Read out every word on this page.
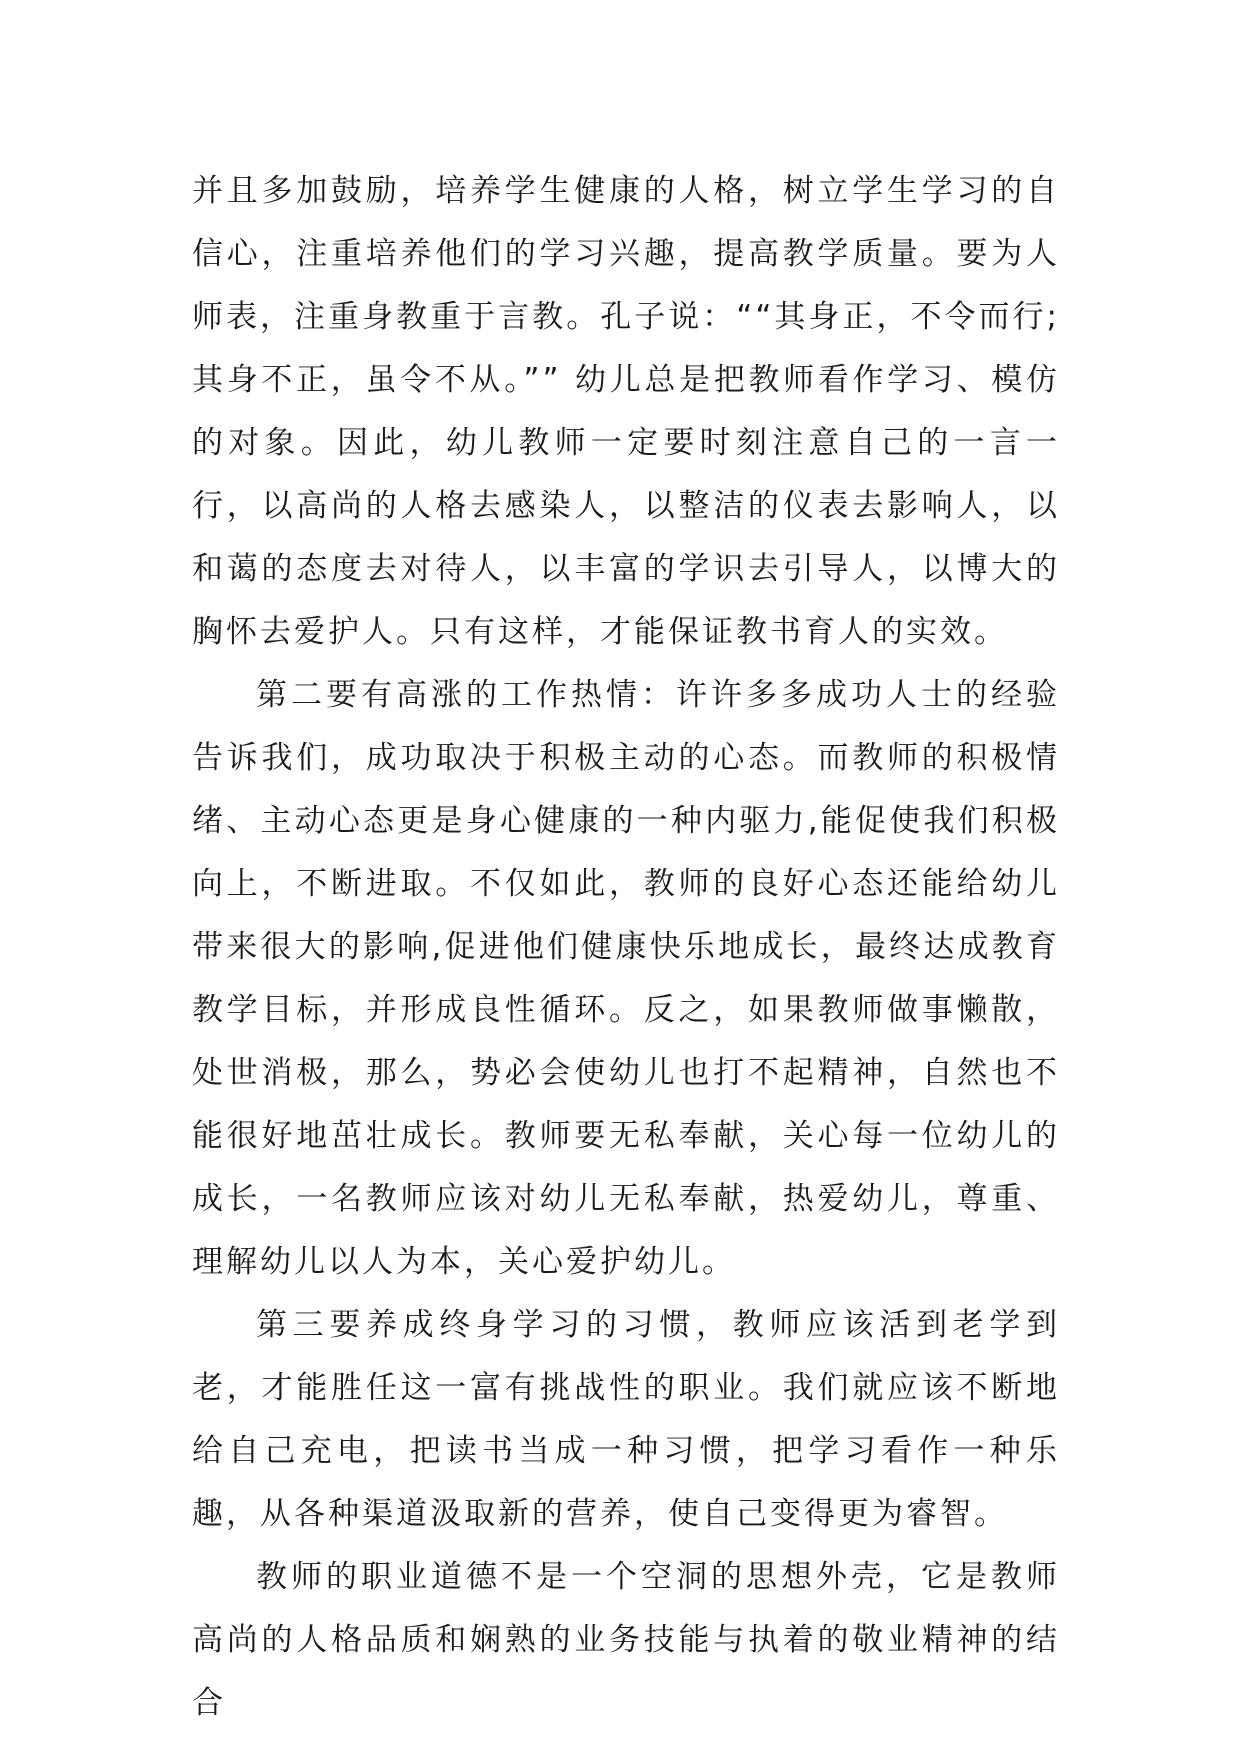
并且多加鼓励，培养学生健康的人格，树立学生学习的自信心，注重培养他们的学习兴趣，提高教学质量。要为人师表，注重身教重于言教。孔子说：““其身正，不令而行;其身不正，虽令不从。”” 幼儿总是把教师看作学习、模仿的对象。因此，幼儿教师一定要时刻注意自己的一言一行，以高尚的人格去感染人，以整洁的仪表去影响人，以和蔼的态度去对待人，以丰富的学识去引导人，以博大的胸怀去爱护人。只有这样，才能保证教书育人的实效。

第二要有高涨的工作热情：许许多多成功人士的经验告诉我们，成功取决于积极主动的心态。而教师的积极情绪、主动心态更是身心健康的一种内驱力,能促使我们积极向上，不断进取。不仅如此，教师的良好心态还能给幼儿带来很大的影响,促进他们健康快乐地成长，最终达成教育教学目标，并形成良性循环。反之，如果教师做事懒散，处世消极，那么，势必会使幼儿也打不起精神，自然也不能很好地茁壮成长。教师要无私奉献，关心每一位幼儿的成长，一名教师应该对幼儿无私奉献，热爱幼儿，尊重、理解幼儿以人为本，关心爱护幼儿。

第三要养成终身学习的习惯，教师应该活到老学到老，才能胜任这一富有挑战性的职业。我们就应该不断地给自己充电，把读书当成一种习惯，把学习看作一种乐趣，从各种渠道汲取新的营养，使自己变得更为睿智。

教师的职业道德不是一个空洞的思想外壳，它是教师高尚的人格品质和娴熟的业务技能与执着的敬业精神的结合
